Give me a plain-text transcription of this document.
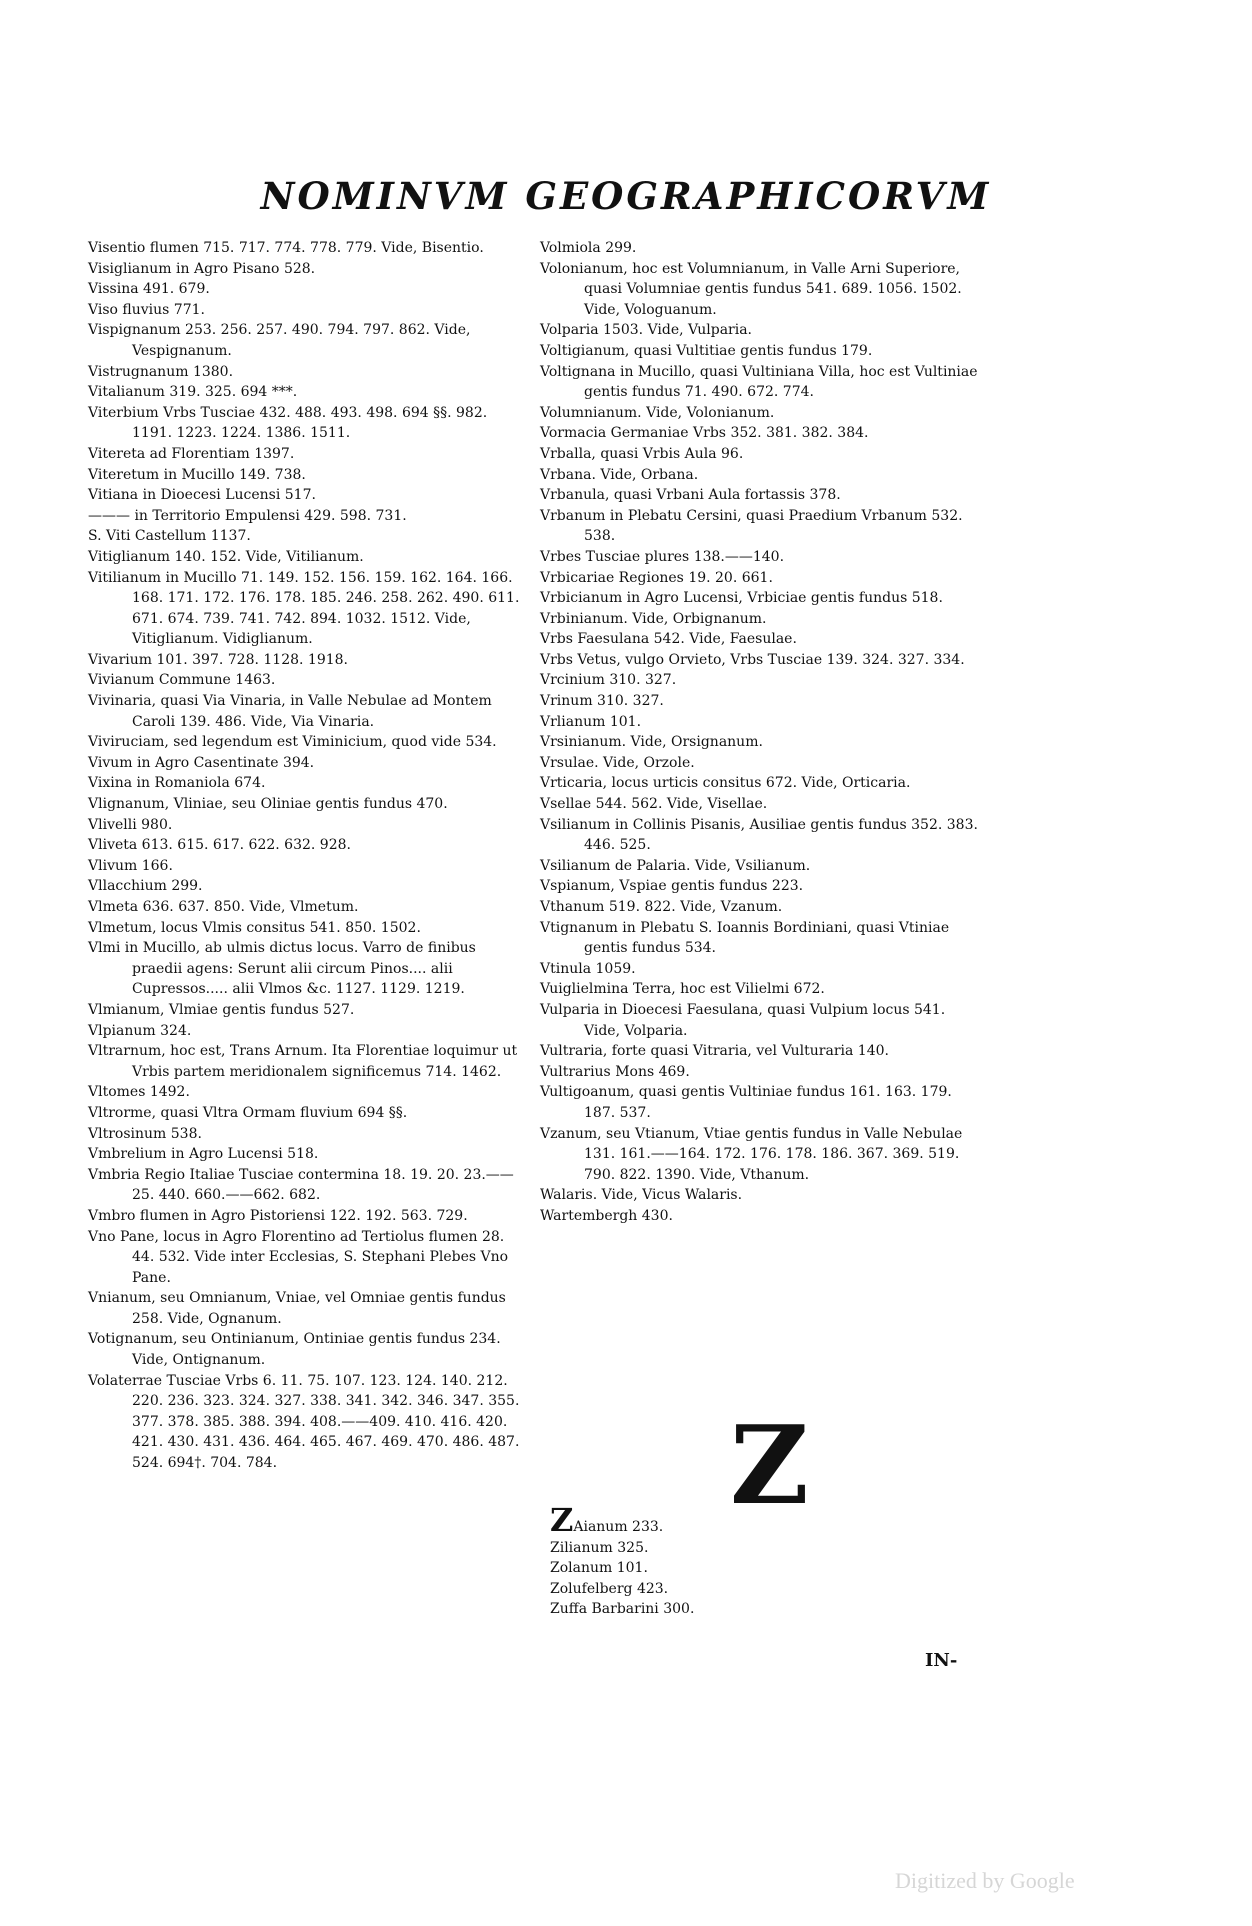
NOMINVM GEOGRAPHICORVM
Visentio flumen 715. 717. 774. 778. 779. Vide, Bisentio.
Visiglianum in Agro Pisano 528.
Vissina 491. 679.
Viso fluvius 771.
Vispignanum 253. 256. 257. 490. 794. 797. 862. Vide, Vespignanum.
Vistrugnanum 1380.
Vitalianum 319. 325. 694 ***.
Viterbium Vrbs Tusciae 432. 488. 493. 498. 694 §§. 982. 1191. 1223. 1224. 1386. 1511.
Vitereta ad Florentiam 1397.
Viteretum in Mucillo 149. 738.
Vitiana in Dioecesi Lucensi 517.
——— in Territorio Empulensi 429. 598. 731.
S. Viti Castellum 1137.
Vitiglianum 140. 152. Vide, Vitilianum.
Vitilianum in Mucillo 71. 149. 152. 156. 159. 162. 164. 166. 168. 171. 172. 176. 178. 185. 246. 258. 262. 490. 611. 671. 674. 739. 741. 742. 894. 1032. 1512. Vide, Vitiglianum. Vidiglianum.
Vivarium 101. 397. 728. 1128. 1918.
Vivianum Commune 1463.
Vivinaria, quasi Via Vinaria, in Valle Nebulae ad Montem Caroli 139. 486. Vide, Via Vinaria.
Viviruciam, sed legendum est Viminicium, quod vide 534.
Vivum in Agro Casentinate 394.
Vixina in Romaniola 674.
Vlignanum, Vliniae, seu Oliniae gentis fundus 470.
Vlivelli 980.
Vliveta 613. 615. 617. 622. 632. 928.
Vlivum 166.
Vllacchium 299.
Vlmeta 636. 637. 850. Vide, Vlmetum.
Vlmetum, locus Vlmis consitus 541. 850. 1502.
Vlmi in Mucillo, ab ulmis dictus locus. Varro de finibus praedii agens: Serunt alii circum Pinos.... alii Cupressos..... alii Vlmos &c. 1127. 1129. 1219.
Vlmianum, Vlmiae gentis fundus 527.
Vlpianum 324.
Vltrarnum, hoc est, Trans Arnum. Ita Florentiae loquimur ut Vrbis partem meridionalem significemus 714. 1462.
Vltomes 1492.
Vltrorme, quasi Vltra Ormam fluvium 694 §§.
Vltrosinum 538.
Vmbrelium in Agro Lucensi 518.
Vmbria Regio Italiae Tusciae contermina 18. 19. 20. 23.——25. 440. 660.——662. 682.
Vmbro flumen in Agro Pistoriensi 122. 192. 563. 729.
Vno Pane, locus in Agro Florentino ad Tertiolus flumen 28. 44. 532. Vide inter Ecclesias, S. Stephani Plebes Vno Pane.
Vnianum, seu Omnianum, Vniae, vel Omniae gentis fundus 258. Vide, Ognanum.
Votignanum, seu Ontinianum, Ontiniae gentis fundus 234. Vide, Ontignanum.
Volaterrae Tusciae Vrbs 6. 11. 75. 107. 123. 124. 140. 212. 220. 236. 323. 324. 327. 338. 341. 342. 346. 347. 355. 377. 378. 385. 388. 394. 408.——409. 410. 416. 420. 421. 430. 431. 436. 464. 465. 467. 469. 470. 486. 487. 524. 694†. 704. 784.
Volmiola 299.
Volonianum, hoc est Volumnianum, in Valle Arni Superiore, quasi Volumniae gentis fundus 541. 689. 1056. 1502. Vide, Vologuanum.
Volparia 1503. Vide, Vulparia.
Voltigianum, quasi Vultitiae gentis fundus 179.
Voltignana in Mucillo, quasi Vultiniana Villa, hoc est Vultiniae gentis fundus 71. 490. 672. 774.
Volumnianum. Vide, Volonianum.
Vormacia Germaniae Vrbs 352. 381. 382. 384.
Vrballa, quasi Vrbis Aula 96.
Vrbana. Vide, Orbana.
Vrbanula, quasi Vrbani Aula fortassis 378.
Vrbanum in Plebatu Cersini, quasi Praedium Vrbanum 532. 538.
Vrbes Tusciae plures 138.——140.
Vrbicariae Regiones 19. 20. 661.
Vrbicianum in Agro Lucensi, Vrbiciae gentis fundus 518.
Vrbinianum. Vide, Orbignanum.
Vrbs Faesulana 542. Vide, Faesulae.
Vrbs Vetus, vulgo Orvieto, Vrbs Tusciae 139. 324. 327. 334.
Vrcinium 310. 327.
Vrinum 310. 327.
Vrlianum 101.
Vrsinianum. Vide, Orsignanum.
Vrsulae. Vide, Orzole.
Vrticaria, locus urticis consitus 672. Vide, Orticaria.
Vsellae 544. 562. Vide, Visellae.
Vsilianum in Collinis Pisanis, Ausiliae gentis fundus 352. 383. 446. 525.
Vsilianum de Palaria. Vide, Vsilianum.
Vspianum, Vspiae gentis fundus 223.
Vthanum 519. 822. Vide, Vzanum.
Vtignanum in Plebatu S. Ioannis Bordiniani, quasi Vtiniae gentis fundus 534.
Vtinula 1059.
Vuiglielmina Terra, hoc est Vilielmi 672.
Vulparia in Dioecesi Faesulana, quasi Vulpium locus 541. Vide, Volparia.
Vultraria, forte quasi Vitraria, vel Vulturaria 140.
Vultrarius Mons 469.
Vultigoanum, quasi gentis Vultiniae fundus 161. 163. 179. 187. 537.
Vzanum, seu Vtianum, Vtiae gentis fundus in Valle Nebulae 131. 161.——164. 172. 176. 178. 186. 367. 369. 519. 790. 822. 1390. Vide, Vthanum.
Walaris. Vide, Vicus Walaris.
Wartembergh 430.
Z
ZAianum 233.
Zilianum 325.
Zolanum 101.
Zolufelberg 423.
Zuffa Barbarini 300.
IN-
Digitized by Google
